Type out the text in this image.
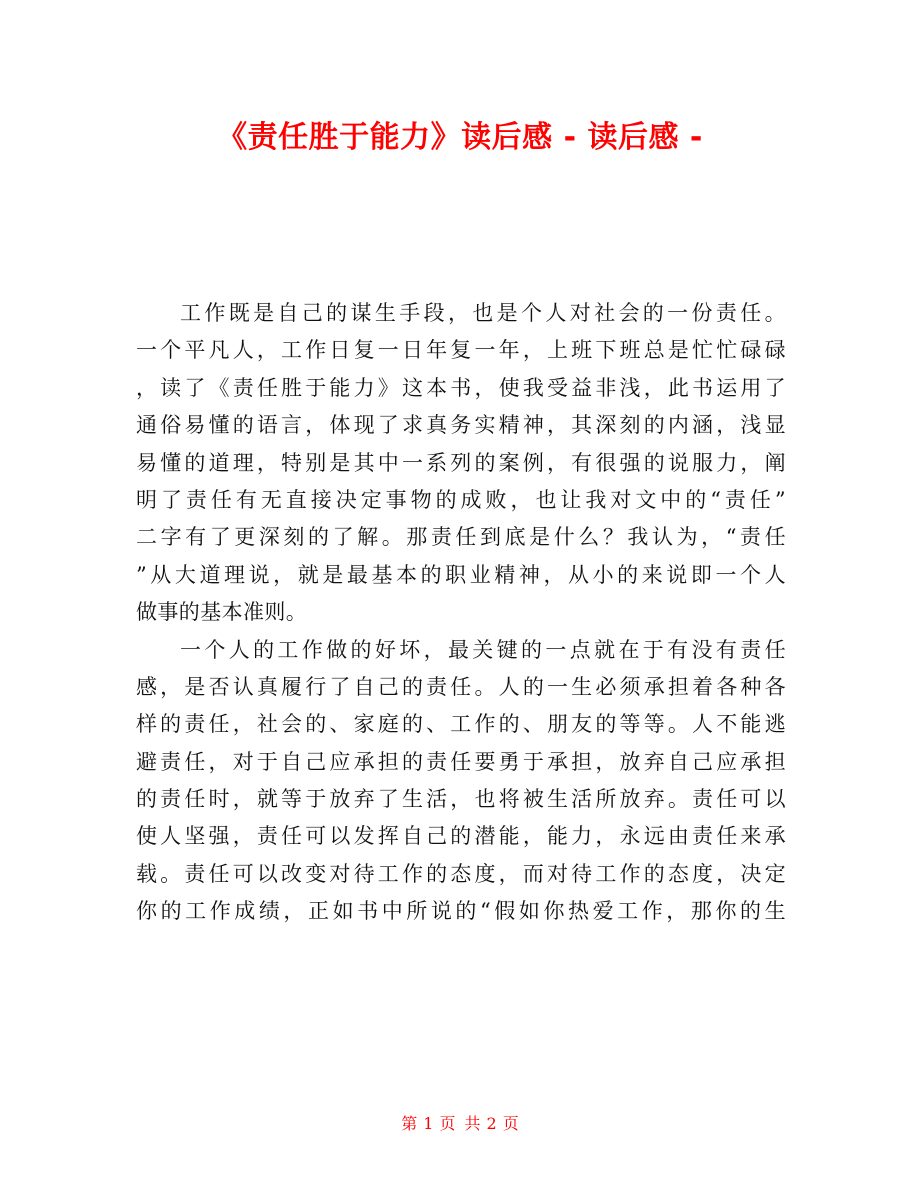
《责任胜于能力》读后感 - 读后感 -
工作既是自己的谋生手段，也是个人对社会的一份责任。
一个平凡人，工作日复一日年复一年，上班下班总是忙忙碌碌
，读了《责任胜于能力》这本书，使我受益非浅，此书运用了
通俗易懂的语言，体现了求真务实精神，其深刻的内涵，浅显
易懂的道理，特别是其中一系列的案例，有很强的说服力，阐
明了责任有无直接决定事物的成败，也让我对文中的“责任”
二字有了更深刻的了解。那责任到底是什么？我认为，“责任
”从大道理说，就是最基本的职业精神，从小的来说即一个人
做事的基本准则。
一个人的工作做的好坏，最关键的一点就在于有没有责任
感，是否认真履行了自己的责任。人的一生必须承担着各种各
样的责任，社会的、家庭的、工作的、朋友的等等。人不能逃
避责任，对于自己应承担的责任要勇于承担，放弃自己应承担
的责任时，就等于放弃了生活，也将被生活所放弃。责任可以
使人坚强，责任可以发挥自己的潜能，能力，永远由责任来承
载。责任可以改变对待工作的态度，而对待工作的态度，决定
你的工作成绩，正如书中所说的“假如你热爱工作，那你的生
第 1 页 共 2 页
